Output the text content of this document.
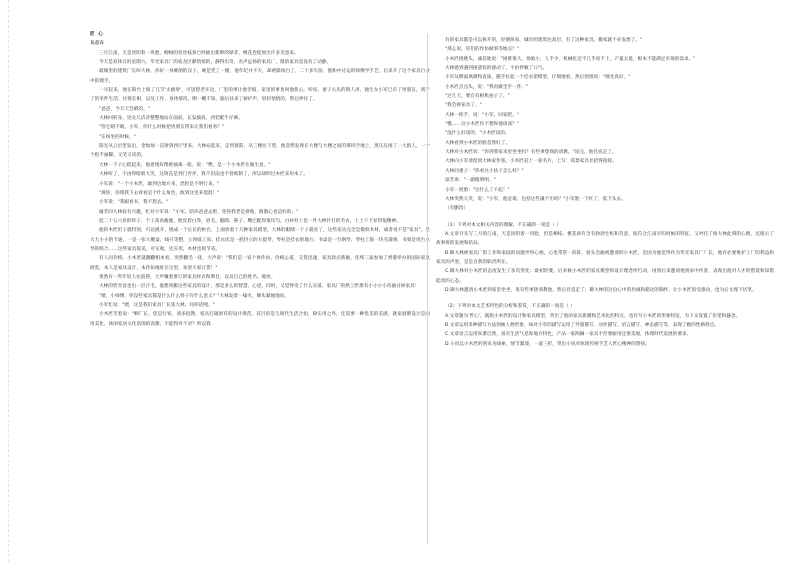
匠 心

葛鑫森

三月江南，天是淡阴着一块脸，柳树的丝丝枝条已经抽出新鲜的绿芽，桃花也绽放出许多笑意来。

今天是双休日的星期六，毕光家具厂的宿舍区静悄悄的，静得出奇，名声远扬的家具厂，散的家具竟没有了动静。

最城里的建筑厂长叫大林，你好一身硬朗的汉子，硬是凭了一圈，他年纪并不大，却两鬓斑白了，二十多年前，他和中讨运的师傅学手艺，后来开了这个家具行业中的理手。

一早起来，他在阳台上练了几节'太极拳'，可思想老开边，厂里的事让他苦恼，家里的事也叫他焦心。听说，妻子古先的钢人讲，独生女小军已有了男朋友，到手了的米件生活、住情长相，以及工作、身体情况，倒一概不知。脑后扶来了树护声，轻轻悄悄的，然后停住了。

"爸爸，今天天会晴的。"

大林回转身，见女儿济济整整地站在面前，长发披肩，西装配牛仔裤。

"管它晴不晴，小军，你什么时候把男朋友带来让我们看看？"

"在场坐的时候。"

阳光从云层里钻出，金灿灿一直射到西厅里来。大林站起来，走到窗前，从三楼往下望，他忽然发现在大楼与大楼之间的那块空地上，黑压压围了一大群人，一个个指手画脚、又笑又说的。

大林一下子心慌起来，他思绪好像被抽离一般，说："嘿，是一个小木匠在做生意。"

大林听了，不由得暗暗大笑，这简直是到门弄斧，我不但法也不曾被制了，所以闭明过木匠来用本了。

小军说："一个小木匠，敢到这地方来，恐怕是不明行来。"

"规矩，你现我下去看看是个什么角色，敢到这里来混混！"

小军说："我跟看书，我不想去。"

碰芳同大林较有兴趣，忙对小军说："小军，陪你爸爸去吧，免得我老是挤他，散散心也是好的。"

娃二十五六岁的样子，个子高高瘦瘦，脸皮眉白净，眉毛、眼睛、鼻子、嘴巴配得很均匀，白衬衫上套一件大棒针打的毛衣，上上下下显得很精神。

他的木匠担子就特别，可以挑开，挑成一个长长的柜台，上面放着十几种家具模型。大林的眼睛一下子就亮了，这些家具完全是模拟木材，或者说不是"家具"，是大大小小的卡通，一是一张大餐桌，线开等整，立到威工床；挂衣床是一把抖立的大提琴，琴柱是挂衣的地方；书桌是一台钢琴，琴柱上嵌一块毛玻璃，书架是用台立琴的组合……这些家具很美，可实观，还实用，木材也很节省。

有人问价格，小木匠就翻翻相本看，突然翻毛一抚，大声说："我们是一家个体作坊，价格公道，交货迅速，家具款式新颖，连续三届参加了香港举办的国际家具展览，本人是家具设计，本作坊地址在这里，欢迎大家订货！"

果然有一些年轻人往前挤，大声嚷着要订的家具样式和期目，以及自己的姓名、地址。

大林的皆肯竟也出一层汗毛，他想到搬这些家具的设计，那是多么的智慧、心思，同时，又觉得受了什么实落，家具厂的然工匠那有小小小小伤抽讨掉家具！

"喂，小师傅，你设些家具都是什么什么样子有什么意义？"大林发着一嗓火，舞头紧抽地问。

小军忙说："喂，这是我们家具厂长张大林，问你话哩。"

小木匠笑着说："啊厂长，您是行家，请多指教，家具打破原有的设计规范，其目的是与现代生活合拍，除实用之外，还需要一种优美的美感，就家庭牌设计是向用美化，休闲家居文化氛围的高雅，不能得对不对？所以我

有的家具都是可以拆开的，轻便简易，城市的建筑往高层，有了这种家具，搬家就不必发愁了。"

"那么说，你们的作坊做事等地点？"

小木匠挑挑头，诚恳地说："困难很大，场地小，人手少，机械化还不几乎说不上，产量太低，根本不能满足市场的需求。"

大林感到遇到困惑似的感动了，不由停顿了口气。

小军从侧面讽刺和直质，随手拉起一个挂衣架模型，仔细地看，然后悄悄说："细光真好。"

小木匠点点头，说："我再做全手一件。"

"过几天，要自有相机拍子了。"

"我会拆家具了。"

大林一挥手，说："小军，回家吧。"

"慢……这小木匠你不想和他谈谈？"

"没什么好谈的，"小木匠说的。

大林看到小木匠的脸忽然红了。

大林对小木匠说："你到我家来里坐坐吗？有些事想商的请教。"说完，他径直走了。

大林向小军请留到大林家作客。小木匠赶上一张名片，上写：郑景家具社拾得指挥。

大林问妻子："你看这小伙子怎么样？"

琼芳说："一副眼明明。"

小军一别脸："这什么了不起！"

大林突然大笑，说："小军，他是谁，包括这些谦不出吗？"小军脸一下红了，低下头去。

（有删改）

（1）下列对本文相关内容的理解，不正确的一项是（ ）

A.文章开头写三月的江南，天是淡阴着一块脸，但是柳枝、桃花却有含有勃勃生机和笑意，既符合江南早的时候的特征，又衬托了推大林此刻的心理，还暗示了故事将的发展和结局。

B.御大林被家具厂的工作和家庭的问题弄得心烦，心里常常一阵阵，骑头会偷被邀请的小木匠，是因为他觉得作为华光家具厂厂长，他有必要维护工厂的利益和家具的声誉，是是自我的职责所在。

C.御大林对小木匠的态度发生了多次变化：最初轻蔑，后来被小木匠的家具模型和设计理念所打动，再到后来邀请他到家中作客，表现出他对人才的惜爱和知错能改的心态。

D.御大林邀请小木匠到家里坐坐，说有些事想请教他，然后径直走了，御大林的这份心中的坦诚和豁达的胸怀，让小木匠很受感动，也为后文埋下伏笔。

（2）下列对本文艺术特色的分析和鉴赏，不正确的一项是（ ）

A.文章题为'匠心'，既指小木匠的设计和家具模型，突出了他的家具新潮和艺术化的特点，也有写小木匠的形象特征，为下文设置了伏笔和悬念。

B.文章运用多种描写方法刻画人物形象，如对小军的描写运用了外貌描写、动作描写、语言描写、神态描写等，表现了她的性格特点。

C.文章语言运用诙谐自然，富有生活气息和地方特色，产品一家两辆一家具不但要耐用还要美观，体现时代发展的要求。

D.小说以小木匠的到来为线索，情节紧凑，一波三折，突出小说对体现传统手艺人匠心精神的赞扬。
